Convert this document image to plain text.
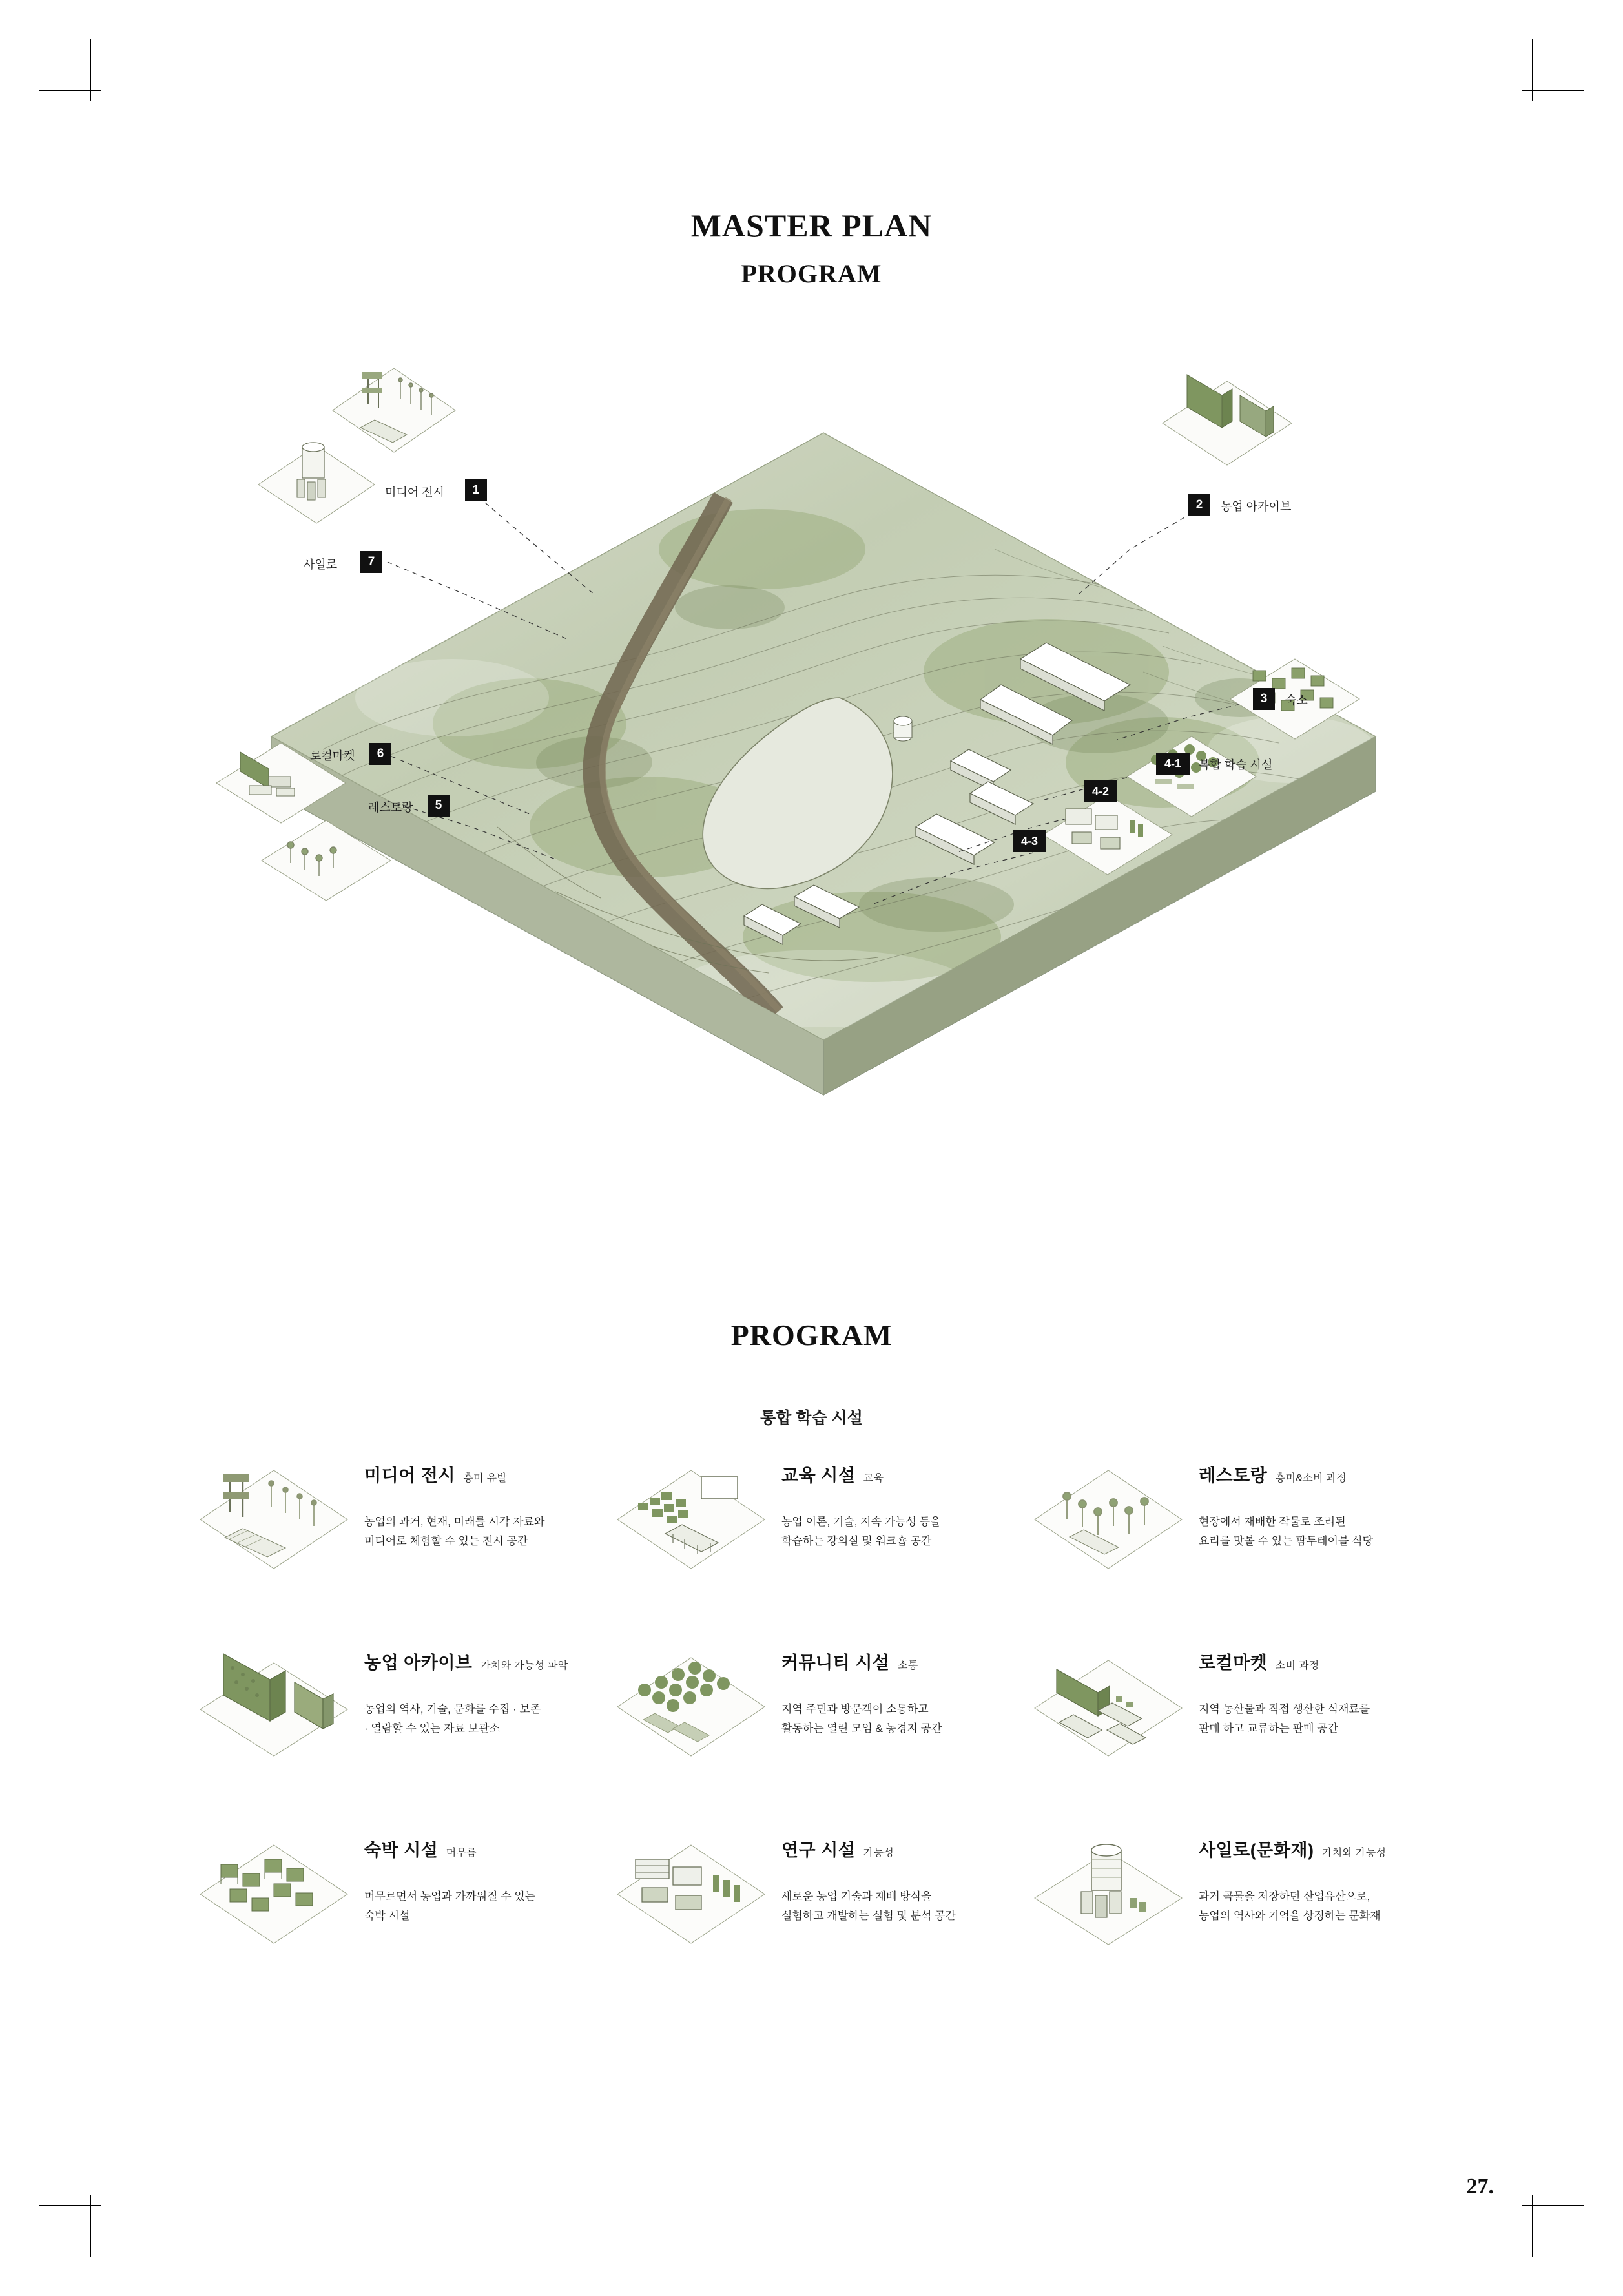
MASTER PLAN
PROGRAM
1
미디어 전시
2	농업 아카이브
7
사일로
3	숙소
4-1	복합 학습 시설
4-2
4-3
6
로컬마켓
5
레스토랑
PROGRAM
통합 학습 시설
미디어 전시 흥미 유발
농업의 과거, 현재, 미래를 시각 자료와
미디어로 체험할 수 있는 전시 공간
교육 시설 교육
농업 이론, 기술, 지속 가능성 등을
학습하는 강의실 및 워크숍 공간
레스토랑 흥미&소비 과정
현장에서 재배한 작물로 조리된
요리를 맛볼 수 있는 팜투테이블 식당
농업 아카이브 가치와 가능성 파악
농업의 역사, 기술, 문화를 수집 · 보존
· 열람할 수 있는 자료 보관소
커뮤니티 시설 소통
지역 주민과 방문객이 소통하고
활동하는 열린 모임 & 농경지 공간
로컬마켓 소비 과정
지역 농산물과 직접 생산한 식재료를
판매 하고 교류하는 판매 공간
숙박 시설 머무름
머무르면서 농업과 가까워질 수 있는
숙박 시설
연구 시설 가능성
새로운 농업 기술과 재배 방식을
실험하고 개발하는 실험 및 분석 공간
사일로(문화재) 가치와 가능성
과거 곡물을 저장하던 산업유산으로,
농업의 역사와 기억을 상징하는 문화재
27.
